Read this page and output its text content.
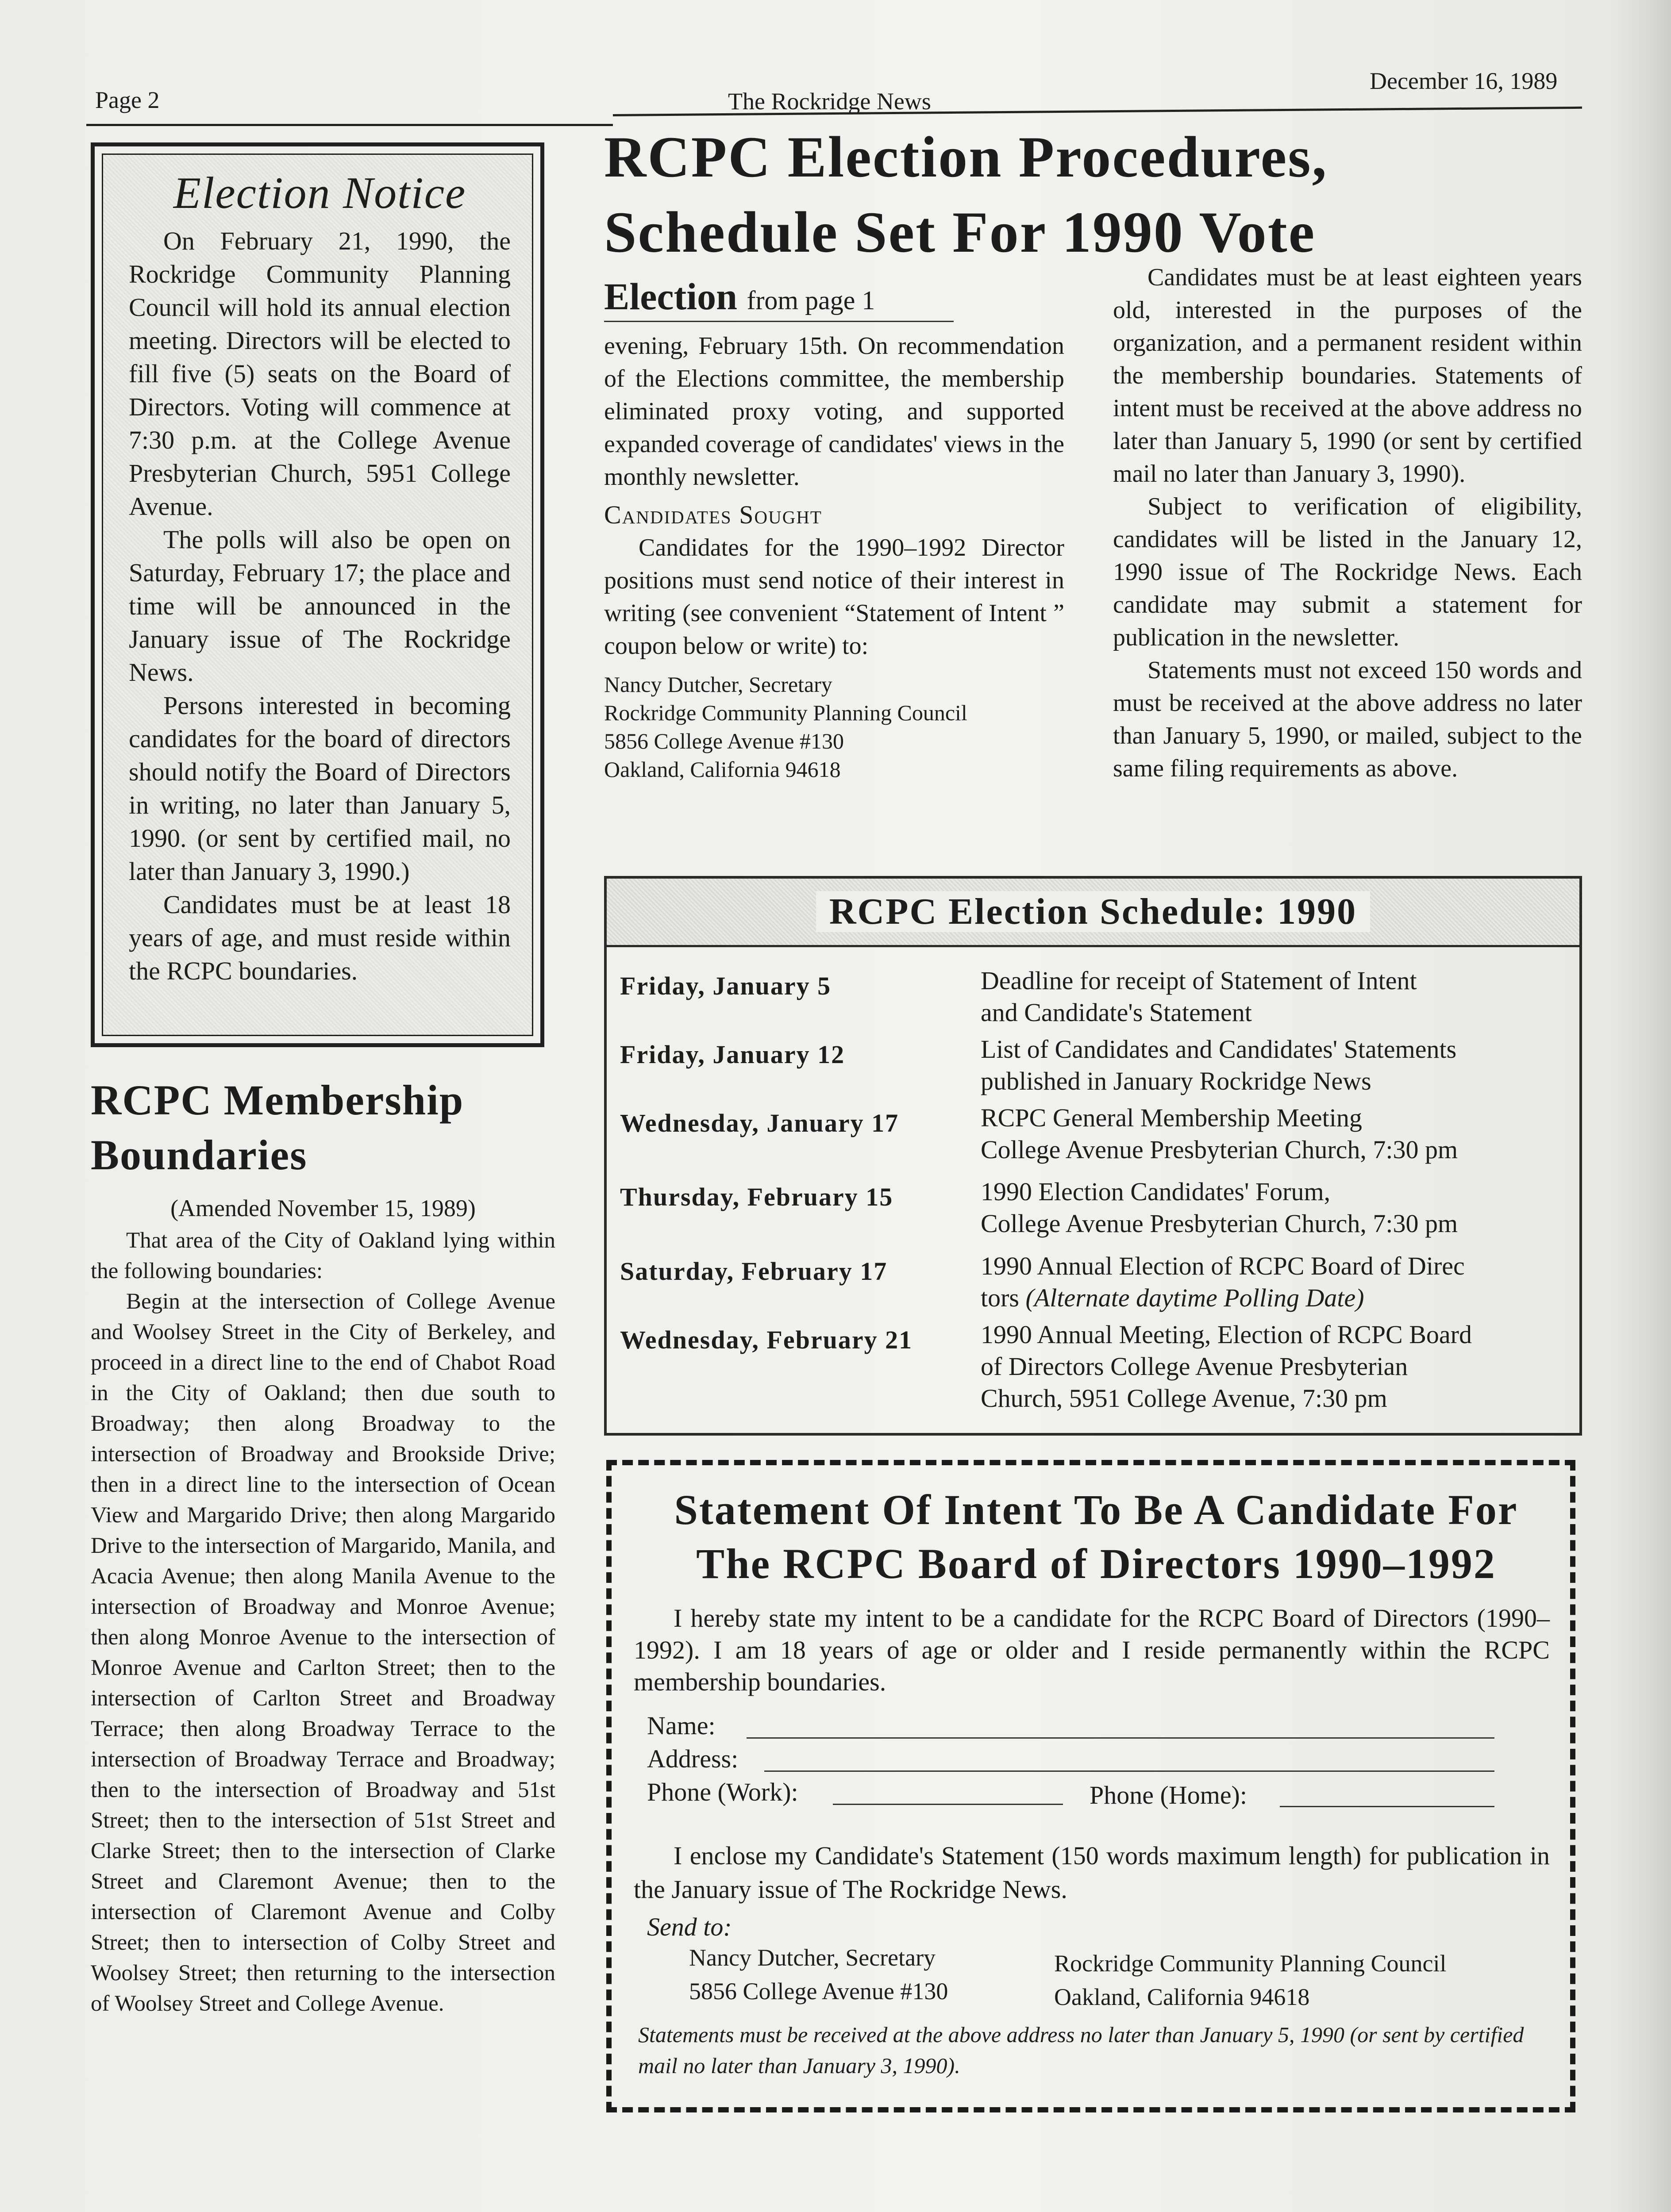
Page 2	The Rockridge News
December 16, 1989
Election Notice

On February 21, 1990, the Rockridge Community Planning Council will hold its annual election meeting. Directors will be elected to fill five (5) seats on the Board of Directors. Voting will commence at 7:30 p.m. at the College Avenue Presbyterian Church, 5951 College Avenue.

The polls will also be open on Saturday, February 17; the place and time will be announced in the January issue of The Rockridge News.

Persons interested in becoming candidates for the board of directors should notify the Board of Directors in writing, no later than January 5, 1990. (or sent by certified mail, no later than January 3, 1990.)

Candidates must be at least 18 years of age, and must reside within the RCPC boundaries.

RCPC Membership Boundaries
(Amended November 15, 1989)

That area of the City of Oakland lying within the following boundaries:

Begin at the intersection of College Avenue and Woolsey Street in the City of Berkeley, and proceed in a direct line to the end of Chabot Road in the City of Oakland; then due south to Broadway; then along Broadway to the intersection of Broadway and Brookside Drive; then in a direct line to the intersection of Ocean View and Margarido Drive; then along Margarido Drive to the intersection of Margarido, Manila, and Acacia Avenue; then along Manila Avenue to the intersection of Broadway and Monroe Avenue; then along Monroe Avenue to the intersection of Monroe Avenue and Carlton Street; then to the intersection of Carlton Street and Broadway Terrace; then along Broadway Terrace to the intersection of Broadway Terrace and Broadway; then to the intersection of Broadway and 51st Street; then to the intersection of 51st Street and Clarke Street; then to the intersection of Clarke Street and Claremont Avenue; then to the intersection of Claremont Avenue and Colby Street; then to intersection of Colby Street and Woolsey Street; then returning to the intersection of Woolsey Street and College Avenue.

RCPC Election Procedures,
Schedule Set For 1990 Vote
Election from page 1

evening, February 15th. On recommendation of the Elections committee, the membership eliminated proxy voting, and supported expanded coverage of candidates' views in the monthly newsletter.

Candidates Sought

Candidates for the 1990–1992 Director positions must send notice of their interest in writing (see convenient “Statement of Intent ” coupon below or write) to:

Nancy Dutcher, Secretary
Rockridge Community Planning Council
5856 College Avenue #130
Oakland, California 94618

Candidates must be at least eighteen years old, interested in the purposes of the organization, and a permanent resident within the membership boundaries. Statements of intent must be received at the above address no later than January 5, 1990 (or sent by certified mail no later than January 3, 1990).

Subject to verification of eligibility, candidates will be listed in the January 12, 1990 issue of The Rockridge News. Each candidate may submit a statement for publication in the newsletter.

Statements must not exceed 150 words and must be received at the above address no later than January 5, 1990, or mailed, subject to the same filing requirements as above.

RCPC Election Schedule: 1990
Friday, January 5	Deadline for receipt of Statement of Intent
and Candidate's Statement
Friday, January 12	List of Candidates and Candidates' Statements
published in January Rockridge News
Wednesday, January 17	RCPC General Membership Meeting
College Avenue Presbyterian Church, 7:30 pm
Thursday, February 15	1990 Election Candidates' Forum,
College Avenue Presbyterian Church, 7:30 pm
Saturday, February 17	1990 Annual Election of RCPC Board of Direc
tors (Alternate daytime Polling Date)
Wednesday, February 21	1990 Annual Meeting, Election of RCPC Board
of Directors College Avenue Presbyterian
Church, 5951 College Avenue, 7:30 pm
Statement Of Intent To Be A Candidate For
The RCPC Board of Directors 1990–1992
I hereby state my intent to be a candidate for the RCPC Board of Directors (1990–1992). I am 18 years of age or older and I reside permanently within the RCPC membership boundaries.
Name:
Address:
Phone (Work):	Phone (Home):
I enclose my Candidate's Statement (150 words maximum length) for publication in the January issue of The Rockridge News.
Send to:
Nancy Dutcher, Secretary
5856 College Avenue #130
Rockridge Community Planning Council
Oakland, California 94618
Statements must be received at the above address no later than January 5, 1990 (or sent by certified mail no later than January 3, 1990).
